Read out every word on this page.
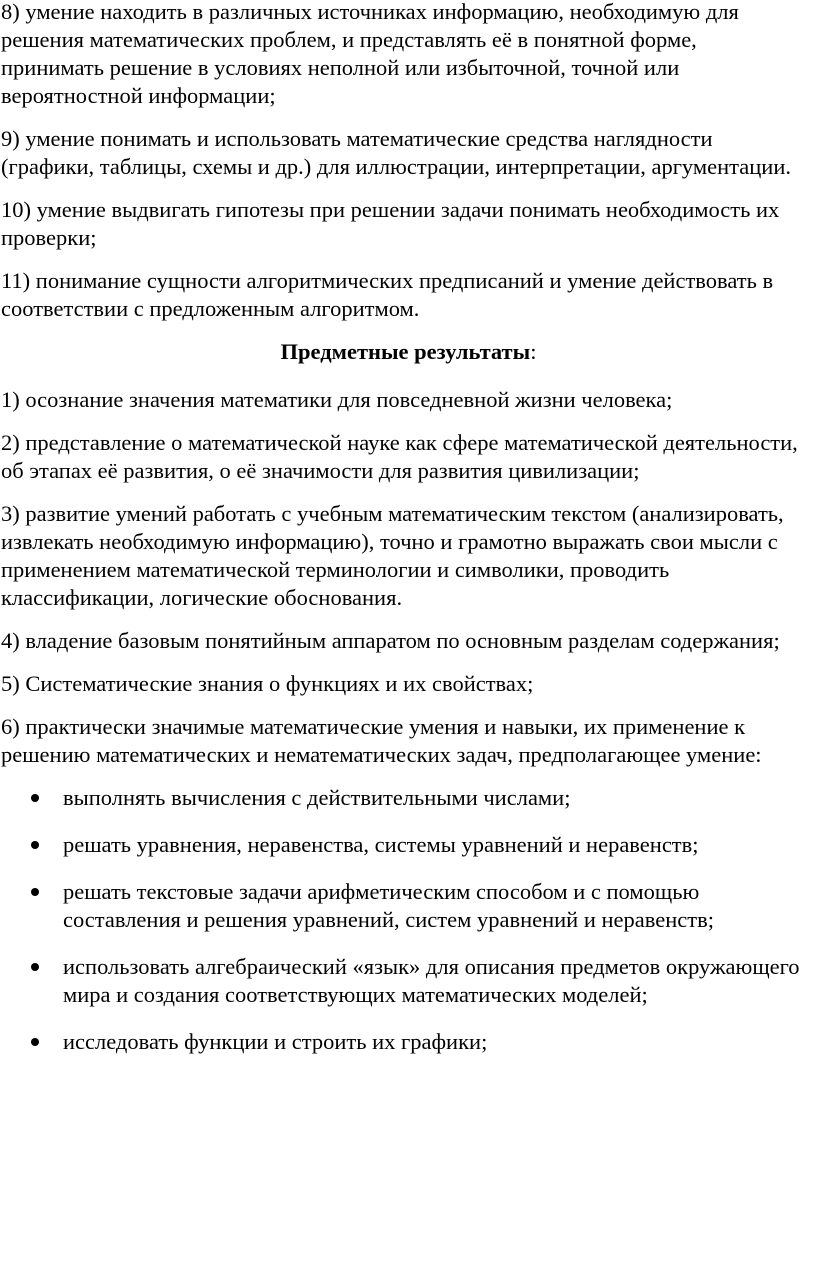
8) умение находить в различных источниках информацию, необходимую для решения математических проблем, и представлять её в понятной форме, принимать решение в условиях неполной или избыточной, точной или вероятностной информации;

9) умение понимать и использовать математические средства наглядности (графики, таблицы, схемы и др.) для иллюстрации, интерпретации, аргументации.

10) умение выдвигать гипотезы при решении задачи понимать необходимость их проверки;

11) понимание сущности алгоритмических предписаний и умение действовать в соответствии с предложенным алгоритмом.

Предметные результаты:

1) осознание значения математики для повседневной жизни человека;

2) представление о математической науке как сфере математической деятельности, об этапах её развития, о её значимости для развития цивилизации;

3) развитие умений работать с учебным математическим текстом (анализировать, извлекать необходимую информацию), точно и грамотно выражать свои мысли с применением математической терминологии и символики, проводить классификации, логические обоснования.

4) владение базовым понятийным аппаратом по основным разделам содержания;

5) Систематические знания о функциях и их свойствах;

6) практически значимые математические умения и навыки, их применение к решению математических и нематематических задач, предполагающее умение:

выполнять вычисления с действительными числами;
решать уравнения, неравенства, системы уравнений и неравенств;
решать текстовые задачи арифметическим способом и с помощью составления и решения уравнений, систем уравнений и неравенств;
использовать алгебраический «язык» для описания предметов окружающего мира и создания соответствующих математических моделей;
исследовать функции и строить их графики;
